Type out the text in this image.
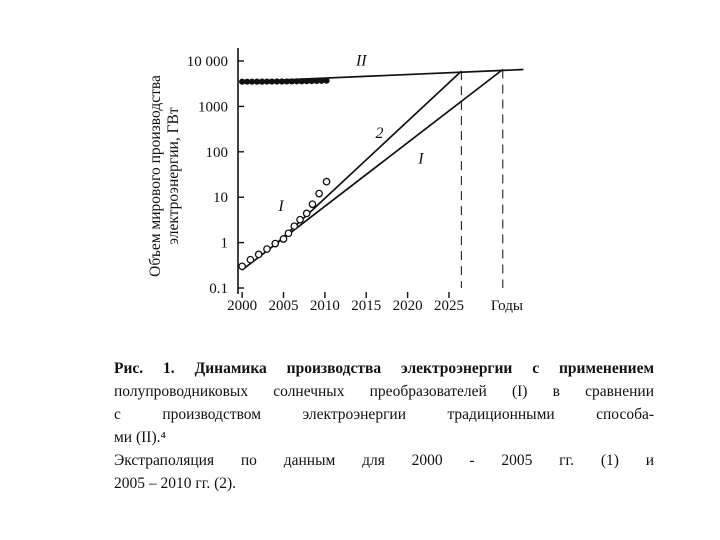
Объем мирового производства электроэнергии, ГВт
10 000
1000
100
10
1
0.1
2000 2005 2010 2015 2020 2025 Годы
II
2
I
I
Рис. 1. Динамика производства электроэнергии с применением
полупроводниковых солнечных преобразователей (I) в сравнении
с производством электроэнергии традиционными способа-
ми (II).⁴
Экстраполяция по данным для 2000 - 2005 гг. (1) и
2005 – 2010 гг. (2).
